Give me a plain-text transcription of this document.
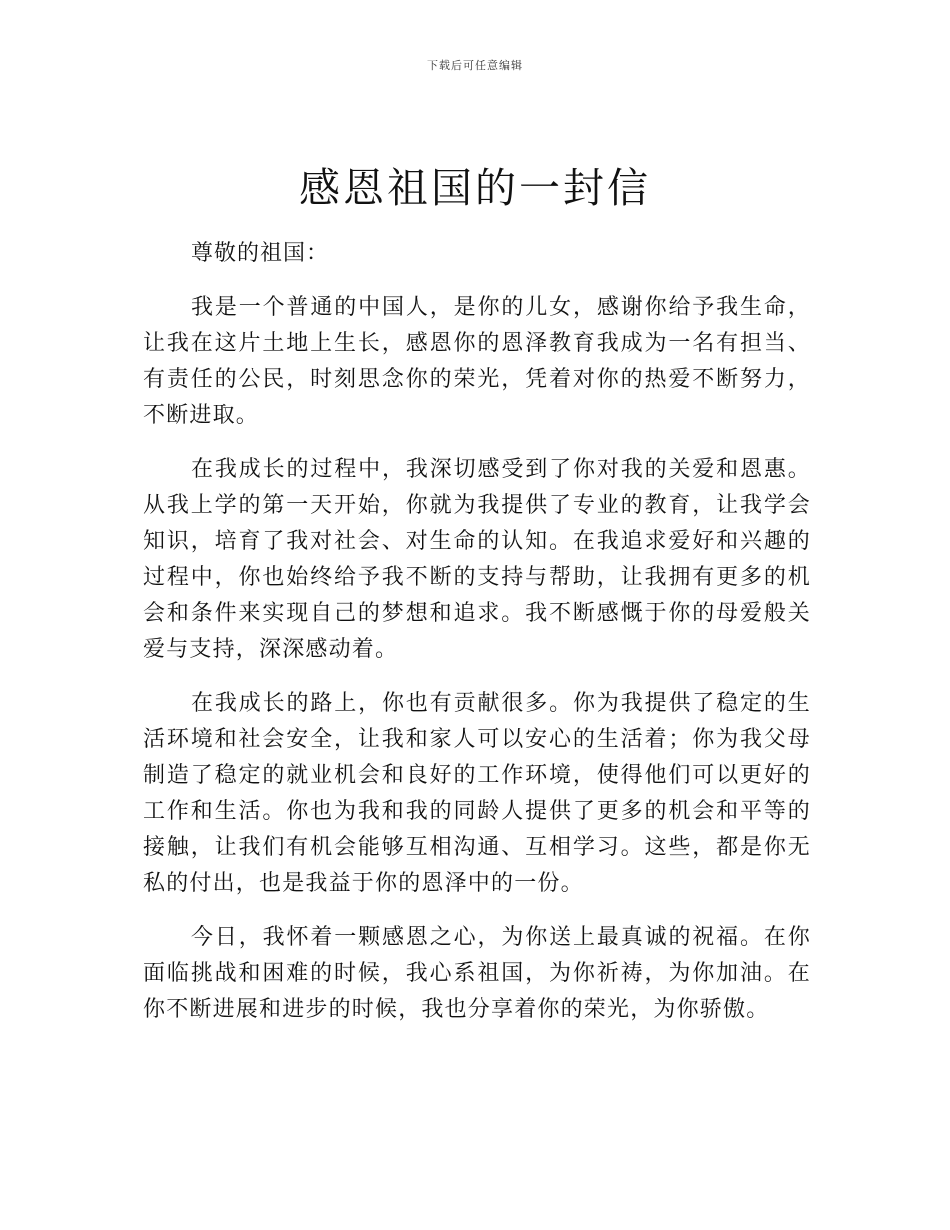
下载后可任意编辑
感恩祖国的一封信

尊敬的祖国：

我是一个普通的中国人，是你的儿女，感谢你给予我生命，让我在这片土地上生长，感恩你的恩泽教育我成为一名有担当、有责任的公民，时刻思念你的荣光，凭着对你的热爱不断努力，不断进取。

在我成长的过程中，我深切感受到了你对我的关爱和恩惠。从我上学的第一天开始，你就为我提供了专业的教育，让我学会知识，培育了我对社会、对生命的认知。在我追求爱好和兴趣的过程中，你也始终给予我不断的支持与帮助，让我拥有更多的机会和条件来实现自己的梦想和追求。我不断感慨于你的母爱般关爱与支持，深深感动着。

在我成长的路上，你也有贡献很多。你为我提供了稳定的生活环境和社会安全，让我和家人可以安心的生活着；你为我父母制造了稳定的就业机会和良好的工作环境，使得他们可以更好的工作和生活。你也为我和我的同龄人提供了更多的机会和平等的接触，让我们有机会能够互相沟通、互相学习。这些，都是你无私的付出，也是我益于你的恩泽中的一份。

今日，我怀着一颗感恩之心，为你送上最真诚的祝福。在你面临挑战和困难的时候，我心系祖国，为你祈祷，为你加油。在你不断进展和进步的时候，我也分享着你的荣光，为你骄傲。
